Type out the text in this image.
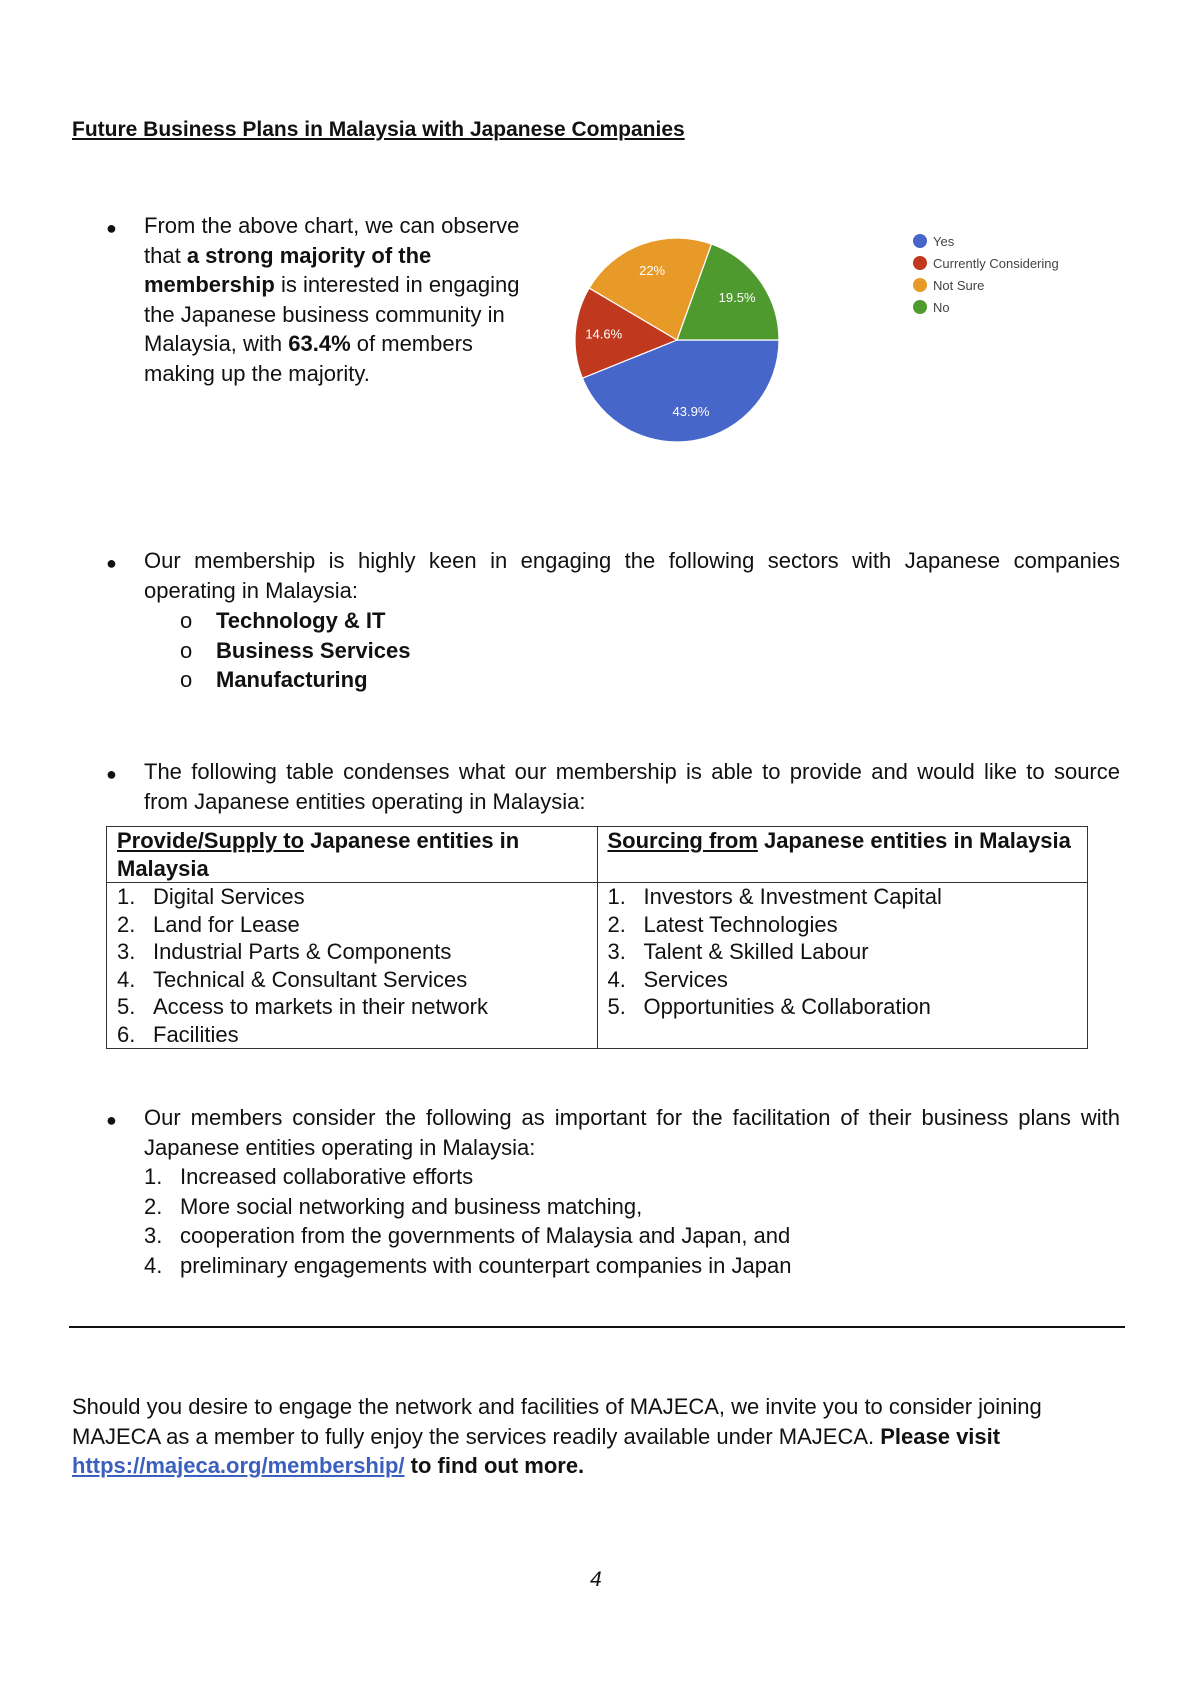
Future Business Plans in Malaysia with Japanese Companies
● From the above chart, we can observe that a strong majority of the membership is interested in engaging the Japanese business community in Malaysia, with 63.4% of members making up the majority.
43.9%
14.6%
22%
19.5%
Yes
Currently Considering
Not Sure
No
● Our membership is highly keen in engaging the following sectors with Japanese companies operating in Malaysia:
o Technology & IT
o Business Services
o Manufacturing
● The following table condenses what our membership is able to provide and would like to source from Japanese entities operating in Malaysia:
Provide/Supply to Japanese entities in Malaysia	Sourcing from Japanese entities in Malaysia

1. Digital Services
2. Land for Lease
3. Industrial Parts & Components
4. Technical & Consultant Services
5. Access to markets in their network
6. Facilities

1. Investors & Investment Capital
2. Latest Technologies
3. Talent & Skilled Labour
4. Services
5. Opportunities & Collaboration
● Our members consider the following as important for the facilitation of their business plans with Japanese entities operating in Malaysia:
1. Increased collaborative efforts
2. More social networking and business matching,
3. cooperation from the governments of Malaysia and Japan, and
4. preliminary engagements with counterpart companies in Japan
Should you desire to engage the network and facilities of MAJECA, we invite you to consider joining MAJECA as a member to fully enjoy the services readily available under MAJECA. Please visit https://majeca.org/membership/ to find out more.
4
